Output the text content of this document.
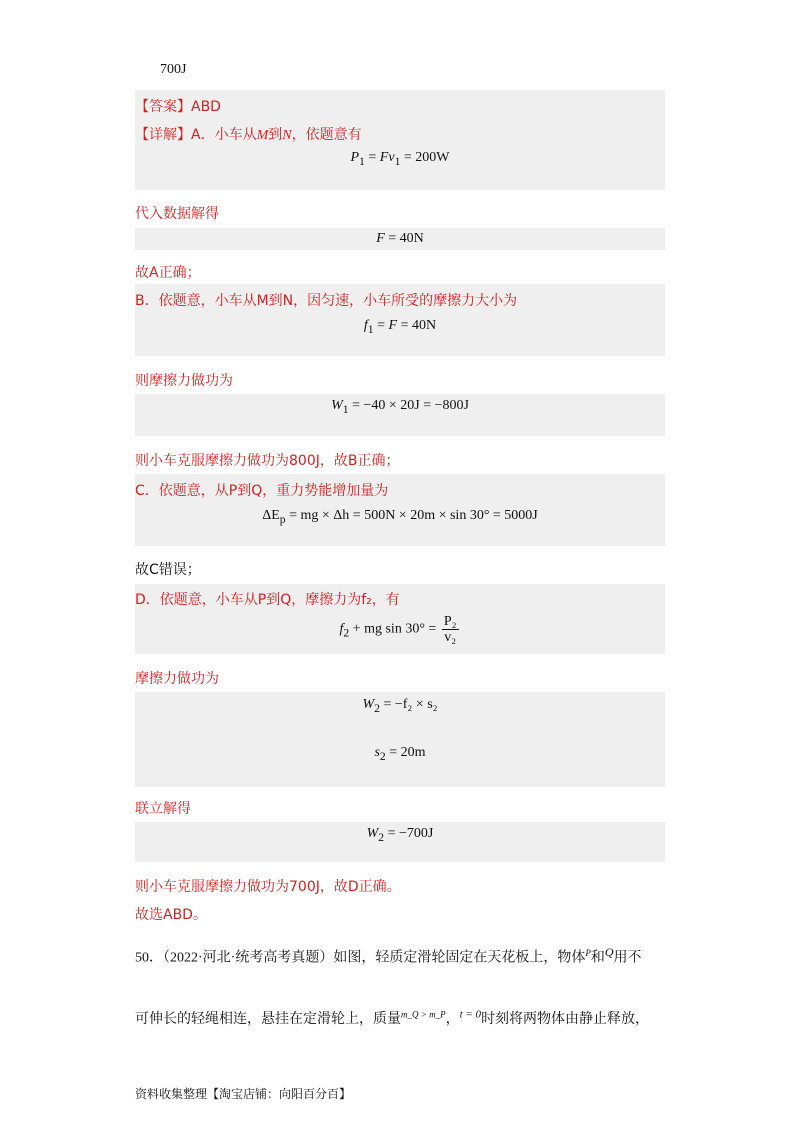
700J
【答案】ABD
【详解】A．小车从M到N，依题意有
$P_1 = Fv_1 = 200W$
代入数据解得
F = 40N
故A正确；
B．依题意，小车从M到N，因匀速，小车所受的摩擦力大小为
$f_1 = F = 40N$
则摩擦力做功为
$W_1 = -40 \times 20J = -800J$
则小车克服摩擦力做功为800J，故B正确；
C．依题意，从P到Q，重力势能增加量为
$\Delta E_p$ = mg × Δh = 500N × 20m × sin 30° = 5000J
故C错误；
D．依题意，小车从P到Q，摩擦力为f₂，有
$f_2$ + mg $\sin 30^\circ = \frac{\text{P₂}}{\text{v₂}}$
摩擦力做功为
$W_2 = -f_2 \times s_2$
$s_2 = 20m$
联立解得
$W_2 = -700J$
则小车克服摩擦力做功为700J，故D正确。
故选ABD。
50．（2022·河北·统考高考真题）如图，轻质定滑轮固定在天花板上，物体$^P$和Q用不
可伸长的轻绳相连，悬挂在定滑轮上，质量$^{m\_Q > m\_P}$，$^{t = 0}$时刻将两物体由静止释放，
资料收集整理【淘宝店铺：向阳百分百】
